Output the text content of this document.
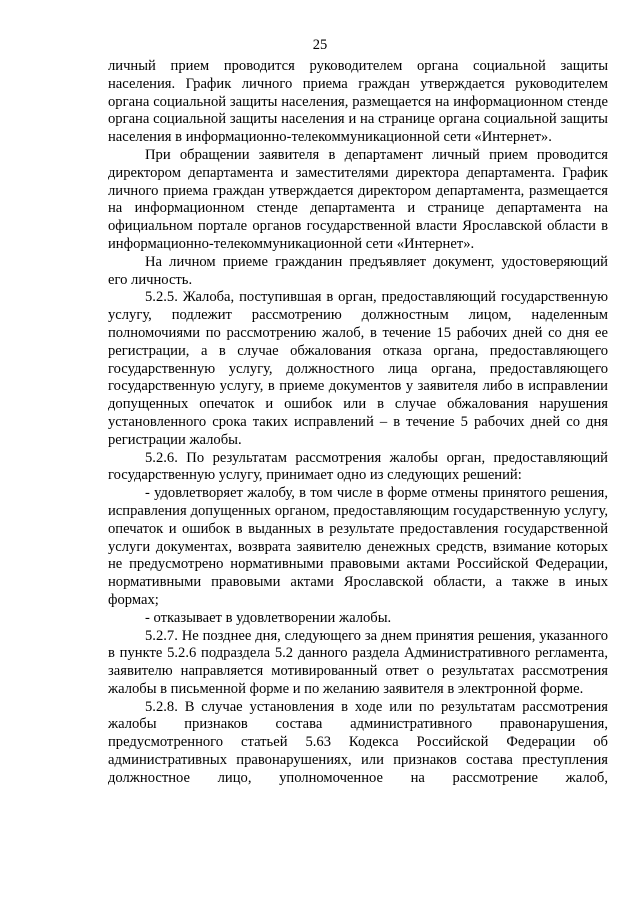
25

личный прием проводится руководителем органа социальной защиты населения. График личного приема граждан утверждается руководителем органа социальной защиты населения, размещается на информационном стенде органа социальной защиты населения и на странице органа социальной защиты населения в информационно-телекоммуникационной сети «Интернет».

При обращении заявителя в департамент личный прием проводится директором департамента и заместителями директора департамента. График личного приема граждан утверждается директором департамента, размещается на информационном стенде департамента и странице департамента на официальном портале органов государственной власти Ярославской области в информационно-телекоммуникационной сети «Интернет».

На личном приеме гражданин предъявляет документ, удостоверяющий его личность.

5.2.5. Жалоба, поступившая в орган, предоставляющий государственную услугу, подлежит рассмотрению должностным лицом, наделенным полномочиями по рассмотрению жалоб, в течение 15 рабочих дней со дня ее регистрации, а в случае обжалования отказа органа, предоставляющего государственную услугу, должностного лица органа, предоставляющего государственную услугу, в приеме документов у заявителя либо в исправлении допущенных опечаток и ошибок или в случае обжалования нарушения установленного срока таких исправлений – в течение 5 рабочих дней со дня регистрации жалобы.

5.2.6. По результатам рассмотрения жалобы орган, предоставляющий государственную услугу, принимает одно из следующих решений:

- удовлетворяет жалобу, в том числе в форме отмены принятого решения, исправления допущенных органом, предоставляющим государственную услугу, опечаток и ошибок в выданных в результате предоставления государственной услуги документах, возврата заявителю денежных средств, взимание которых не предусмотрено нормативными правовыми актами Российской Федерации, нормативными правовыми актами Ярославской области, а также в иных формах;

- отказывает в удовлетворении жалобы.

5.2.7. Не позднее дня, следующего за днем принятия решения, указанного в пункте 5.2.6 подраздела 5.2 данного раздела Административного регламента, заявителю направляется мотивированный ответ о результатах рассмотрения жалобы в письменной форме и по желанию заявителя в электронной форме.

5.2.8. В случае установления в ходе или по результатам рассмотрения жалобы признаков состава административного правонарушения, предусмотренного статьей 5.63 Кодекса Российской Федерации об административных правонарушениях, или признаков состава преступления должностное лицо, уполномоченное на рассмотрение жалоб,
